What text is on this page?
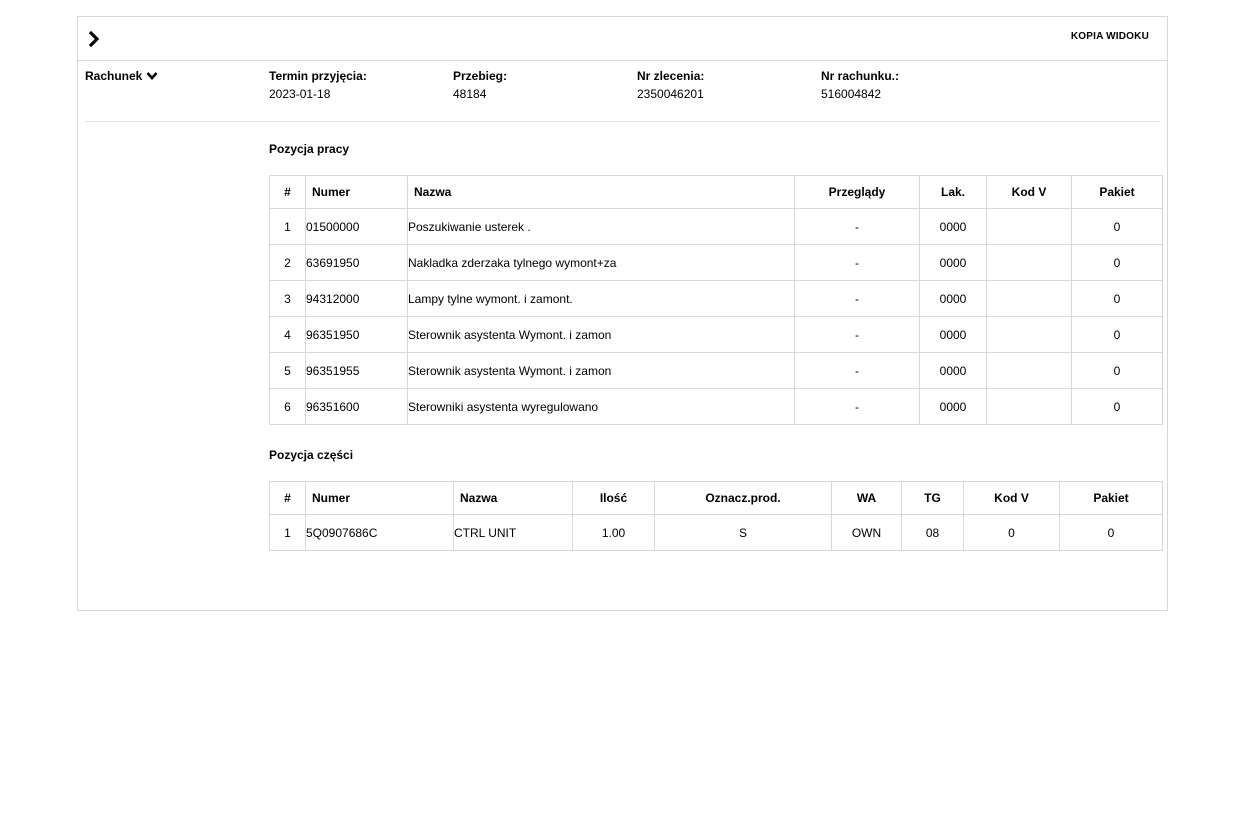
KOPIA WIDOKU
Rachunek	Termin przyjęcia:
2023-01-18
Przebieg:
48184
Nr zlecenia:
2350046201
Nr rachunku.:
516004842
Pozycja pracy
#	Numer	Nazwa	Przeglądy	Lak.	Kod V	Pakiet
1	01500000	Poszukiwanie usterek .	-	0000		0
2	63691950	Nakladka zderzaka tylnego wymont+za	-	0000		0
3	94312000	Lampy tylne wymont. i zamont.	-	0000		0
4	96351950	Sterownik asystenta Wymont. i zamon	-	0000		0
5	96351955	Sterownik asystenta Wymont. i zamon	-	0000		0
6	96351600	Sterowniki asystenta wyregulowano	-	0000		0
Pozycja części
#	Numer	Nazwa	Ilość	Oznacz.prod.	WA	TG	Kod V	Pakiet
1	5Q0907686C	CTRL UNIT	1.00	S	OWN	08	0	0
